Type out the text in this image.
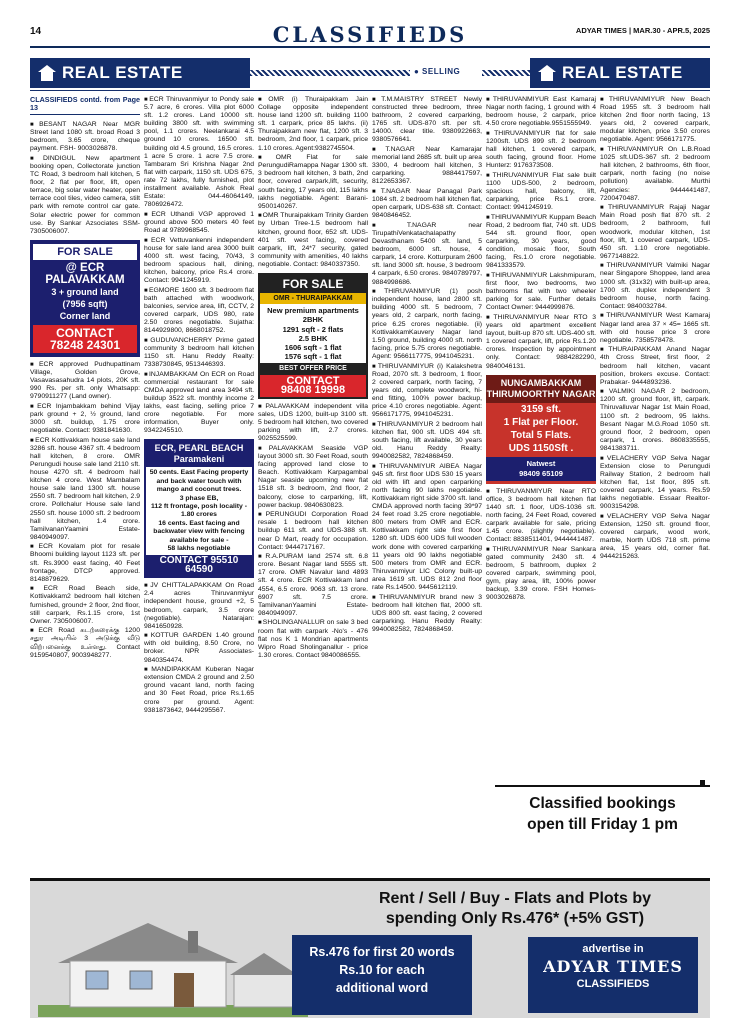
14	CLASSIFIEDS	ADYAR TIMES | MAR.30 - APR.5, 2025
REAL ESTATE	● SELLING	REAL ESTATE
CLASSIFIEDS contd. from Page 13

■ BESANT NAGAR Near MGR Street land 1080 sft. broad Road 3 bedroom, 3.65 crore, cheque payment. FSH- 9003026878.

■ DINDIGUL New apartment booking open, Collectorate junction TC Road, 3 bedroom hall kitchen, 5 floor, 2 flat per floor, lift, open terrace, big solar water heater, open terrace cool tiles, video camera, stilt park with remote control car gate. Solar electric power for common use. By Sankar Azsociates SSM- 7305006007.

FOR SALE
@ ECR
PALAVAKKAM
3 + ground land
(7956 sqft)
Corner land
CONTACT
78248 24301

■ ECR approved Pudhupattinam Village, Golden Grove, Vasavasasahudra 14 plots, 20K sft. 990 Rs. per sft. only Whatsapp: 9790911277 (Land owner).

■ ECR Injambakkam behind Vijay park ground + 2, ½ ground, land 3000 sft. buildup, 1.75 crore negotiable. Contact: 9381841630.

■ ECR Kottivakkam house sale land 3286 sft. house 4367 sft. 4 bedroom hall kitchen, 8 crore. OMR Perungudi house sale land 2110 sft. house 4270 sft. 4 bedroom hall kitchen 4 crore. West Mambalam house sale land 1300 sft. house 2550 sft. 7 bedroom hall kitchen, 2.9 crore. Pollchalur House sale land 2550 sft. house 1000 sft. 2 bedroom hall kitchen, 1.4 crore. TamilvananYaamini Estate-9840949097.

■ ECR Kovalam plot for resale Bhoomi building layout 1123 sft. per sft. Rs.3900 east facing, 40 Feet frontage, DTCP approved. 8148879629.

■ ECR Road Beach side, Kottivakkam2 bedroom hall kitchen furnished, ground+ 2 floor, 2nd floor, still carpark, Rs.1.15 crore, 1st Owner. 7305006007.

■ ECR Road கடற்கரைக்கு 1200 சதுர அடியில் 3 அடுக்கு வீடு விற்பனைக்கு உள்ளது. Contact 9159540807, 9003948277.

■ ECR Thiruvanmiyur to Pondy sale 5.7 acre, 6 crores. Villa plot 6000 sft. 1.2 crores. Land 10000 sft. building 3800 sft. with swimming pool, 1.1 crores. Neelankarai 4.5 ground 10 crores. 16500 sft. building old 4.5 ground, 16.5 crores. 1 acre 5 crore. 1 acre 7.5 crore. Tambaram Sri Krishna Nagar 2nd flat with carpark, 1150 sft. UDS 675, rate 72 lakhs, fully furnished, plot installment available. Ashok Real Estate: 044-46064149, 7806926472.

■ ECR Uthandi VGP approved 1 ground above 500 meters 40 feet Road at 9789968545.

■ ECR Vettuvankenni independent house for sale land area 3000 built 4000 sft. west facing, 70/43, 3 bedroom spacious hall, dining, kitchen, balcony, price Rs.4 crore. Contact: 9941245919.

■ EGMORE 1600 sft. 3 bedroom flat bath attached with woodwork, balconies, service area, lift, CCTV, 2 covered carpark, UDS 980, rate 2.50 crores negotiable. Sujatha: 8144929800, 8668018752.

■ GUDUVANCHERRY Prime gated community 3 bedroom hall kitchen 1150 sft. Hanu Reddy Realty: 7338730845, 9513446393.

■ INJAMBAKKAM On ECR on Road commercial restaurant for sale CMDA approved land area 3494 sft. buildup 3522 sft. monthly income 2 lakhs, east facing, selling price 7 crore negotiable. For more information, Buyer only. 9342245510.

ECR, PEARL BEACH
Paramakeni
50 cents. East Facing property and back water touch with mango and coconut trees.
3 phase EB,
112 ft frontage, posh locality -
1.80 crores
16 cents. East facing and backwater view with fencing available for sale -
58 lakhs negotiable
CONTACT 95510 64590

■ JV CHITTALAPAKKAM On Road 2.4 acres Thiruvanmiyur independent house, ground +2, 5 bedroom, carpark, 3.5 crore (negotiable). Natarajan: 9841650928.

■ KOTTUR GARDEN 1.40 ground with old building, 8.50 Crore, no broker. NPR Associates- 9840354474.

■ MANDIPAKKAM Kuberan Nagar extension CMDA 2 ground and 2.50 ground vacant land, north facing and 30 Feet Road, price Rs.1.65 crore per ground. Agent: 9381873642, 9444295567.

■ OMR (i) Thuraipakkam Jain Collage opposite independent house land 1200 sft. building 1100 sft. 1 carpark, price 85 lakhs. (ii) Thuraipakkam new flat, 1200 sft. 3 bedroom, 2nd floor, 1 carpark, price 1.10 crores. Agent:9382745504.

■ OMR Flat for sale PerungudiRamappa Nagar 1300 sft. 3 bedroom hall kitchen, 3 bath, 2nd floor, covered carpark,lift, security, south facing, 17 years old, 115 lakhs lakhs negotiable. Agent: Barani- 9500140267.

■ OMR Thuraipakkam Trinity Garden by Urban Tree-1.5 bedroom hall kitchen, ground floor, 652 sft. UDS-401 sft. west facing, covered carpark, lift, 24*7 security, gated community with amenities, 40 lakhs negotiable. Contact: 9840337350.

FOR SALE
OMR - THURAIPAKKAM
New premium apartments
2BHK
1291 sqft - 2 flats
2.5 BHK
1606 sqft - 1 flat
1576 sqft - 1 flat
BEST OFFER PRICE
CONTACT
98408 19998

■ PALAVAKKAM independent villa sales, UDS 1200, built-up 3100 sft. 5 bedroom hall kitchen, two covered parking with lift, 2.7 crores. 9025525599.

■ PALAVAKKAM Seaside VGP layout 3000 sft. 30 Feet Road, south facing approved land close to Beach. Kottivakkam Karpagambal Nagar seaside upcoming new flat 1518 sft. 3 bedroom, 2nd floor, 2 balcony, close to carparking, lift, power backup. 9840630823.

■ PERUNGUDI Corporation Road resale 1 bedroom hall kitchen buildup 611 sft. and UDS-388 sft. near D Mart, ready for occupation. Contact: 9444717167.

■ R.A.PURAM land 2574 sft. 6.8 crore. Besant Nagar land 5555 sft. 17 crore. OMR Navalur land 4893 sft. 4 crore. ECR Kottivakkam land 4554, 6.5 crore. 9063 sft. 13 crore. 6907 sft. 7.5 crore. TamilvananYaamini Estate-9840949097.

■ SHOLINGANALLUR on sale 3 bed room flat with carpark -No's - 476 flat nos K 1 Mondrian apartments Wipro Road Sholinganallur - price 1.30 crores. Contact 9840086555.

■ T.M.MAISTRY STREET Newly constructed three bedroom, three bathroom, 2 covered carparking, 1765 sft. UDS-870 sft. per sft. 14000. clear title. 9380922663, 9380576641.

■ T.NAGAR Near Kamarajar memorial land 2685 sft. built up area 3300, 4 bedroom hall kitchen, 3 carparking. 9884417597, 8122653367.

■ T.NAGAR Near Panagal Park 1084 sft. 2 bedroom hall kitchen flat, open carpark, UDS-638 sft. Contact: 9840846452.

■ T.NAGAR near TirupathiVenkatachalapathy Devasthanam 5400 sft. land, 5 bedroom, 6000 sft. house, 4 carpark, 14 crore. Kotturpuram 2600 sft. land 3000 sft. house, 3 bedroom 4 carpark, 6.50 crores. 9840789797, 9884998686.

■ THIRUVANMIYUR (1) posh independent house, land 2800 sft. building 4000 sft. 5 bedroom, 7 years old, 2 carpark, north facing, price 6.25 crores negotiable. (ii) KottivakkamKauvery Nagar land 1.50 ground, building 4000 sft. north facing, price 5.75 crores negotiable. Agent: 9566117775, 9941045231.

■ THIRUVANMIYUR (i) Kalakshetra Road, 2070 sft. 3 bedroom, 1 floor, 2 covered carpark, north facing, 7 years old, complete woodwork, hi-end fitting, 100% power backup, price 4.10 crores negotiable. Agent: 9566171775, 9941045231.

■ THIRUVANMIYUR 2 bedroom hall kitchen flat, 900 sft. UDS 494 sft. south facing, lift available, 30 years old. Hanu Reddy Realty: 9940082582, 7824868459.

■ THIRUVANMIYUR AIBEA Nagar 945 sft. first floor UDS 530 15 years old with lift and open carparking north facing 90 lakhs negotiable. Kottivakkam right side 3700 sft. land CMDA approved north facing 39*97 24 feet road 3.25 crore negotiable, 800 meters from OMR and ECR. Kottivakkam right side first floor 1280 sft. UDS 600 UDS full wooden work done with covered carparking 11 years old 90 lakhs negotiable 500 meters from OMR and ECR. Thiruvanmiyur LIC Colony built-up area 1619 sft. UDS 812 2nd floor rate Rs.14500. 9445612119.

■ THIRUVANMIYUR brand new 3 bedroom hall kitchen flat, 2000 sft. UDS 800 sft. east facing, 2 covered carparking. Hanu Reddy Realty: 9940082582, 7824868459.

■ THIRUVANMIYUR East Kamaraj Nagar north facing, 1 ground with 4 bedroom house, 2 carpark, price 4.50 crore negotiable.9551555949.

■ THIRUVANMIYUR flat for sale 1200sft. UDS 899 sft. 2 bedroom hall kitchen, 1 covered carpark, south facing, ground floor. Home Hunterz: 9176373508.

■ THIRUVANMIYUR Flat sale built 1100 UDS-500, 2 bedroom, spacious hall, balcony, lift, carparking, price Rs.1 crore. Contact: 9941245919.

■ THIRUVANMIYUR Kuppam Beach Road, 2 bedroom flat, 740 sft. UDS 544 sft. ground floor, open carparking, 30 years, good condition, mosaic floor, South facing, Rs.1.0 crore negotiable. 9841333579.

■ THIRUVANMIYUR Lakshmipuram, first floor, two bedrooms, two bathrooms flat with two wheeler parking for sale. Further details Contact Owner: 9444999876.

■ THIRUVANMIYUR Near RTO 3 years old apartment excellent layout, built-up 870 sft. UDS-400 sft. 1 covered carpark, lift, price Rs.1.20 crores. Inspection by appointment only. Contact: 9884282290, 9840046131.

NUNGAMBAKKAM
THIRUMOORTHY NAGAR
3159 sft.
1 Flat per Floor.
Total 5 Flats.
UDS 1150Sft .
Natwest
98409 65109

■ THIRUVANMIYUR Near RTO office, 3 bedroom hall kitchen flat 1440 sft. 1 floor, UDS-1036 sft. north facing, 24 Feet Road, covered carpark available for sale, pricing 1.45 crore. (slightly negotiable). Contact: 8838511401, 9444441487.

■ THIRUVANMIYUR Near Sankara gated community 2430 sft. 4 bedroom, 5 bathroom, duplex 2 covered carpark, swimming pool, gym, play area, lift, 100% power backup, 3.39 crore. FSH Homes- 9003026878.

■ THIRUVANMIYUR New Beach Road 1955 sft. 3 bedroom hall kitchen 2nd floor north facing, 13 years old, 2 covered carpark, modular kitchen, price 3.50 crores negotiable. Agent: 9566171775.

■ THIRUVANMIYUR On L.B.Road 1025 sft.UDS-367 sft. 2 bedroom hall kitchen, 2 bathrooms, 6th floor, carpark, north facing (no noise pollution) available. Murthi Agencies: 9444441487, 7200470487.

■ THIRUVANMIYUR Rajaji Nagar Main Road posh flat 870 sft. 2 bedroom, 2 bathroom, full woodwork, modular kitchen, 1st floor, lift, 1 covered carpark, UDS-450 sft. 1.10 crore negotiable. 9677148822.

■ THIRUVANMIYUR Valmiki Nagar near Singapore Shoppee, land area 1000 sft. (31x32) with built-up area, 1700 sft. duplex independent 3 bedroom house, north facing. Contact: 9840032784.

■ THIRUVANMIYUR West Kamaraj Nagar land area 37 × 45= 1665 sft. with old house price 3 crore negotiable. 7358578478.

■ THURAIPAKKAM Anand Nagar 4th Cross Street, first floor, 2 bedroom hall kitchen, vacant position, brokers excuse. Contact: Prabakar- 9444893236.

■ VALMIKI NAGAR 2 bedroom, 1200 sft. ground floor, lift, carpark. Thiruvalluvar Nagar 1st Main Road, 1100 sft. 2 bedroom, 95 lakhs. Besant Nagar M.G.Road 1050 sft. ground floor, 2 bedroom, open carpark, 1 crores. 8608335555, 9841383711.

■ VELACHERY VGP Selva Nagar Extension close to Perungudi Railway Station, 2 bedroom hall kitchen flat, 1st floor, 895 sft. covered carpark, 14 years. Rs.59 lakhs negotiable. Essaar Realtor- 9003154298.

■ VELACHERY VGP Selva Nagar Extension, 1250 sft. ground floor, covered carpark, wood work, marble, North UDS 718 sft. prime area, 15 years old, corner flat. 9444215263.

Classified bookings
open till Friday 1 pm
Rent / Sell / Buy - Flats and Plots by
spending Only Rs.476* (+5% GST)
Rs.476 for first 20 words
Rs.10 for each
additional word
advertise in
ADYAR TIMES
CLASSIFIEDS
